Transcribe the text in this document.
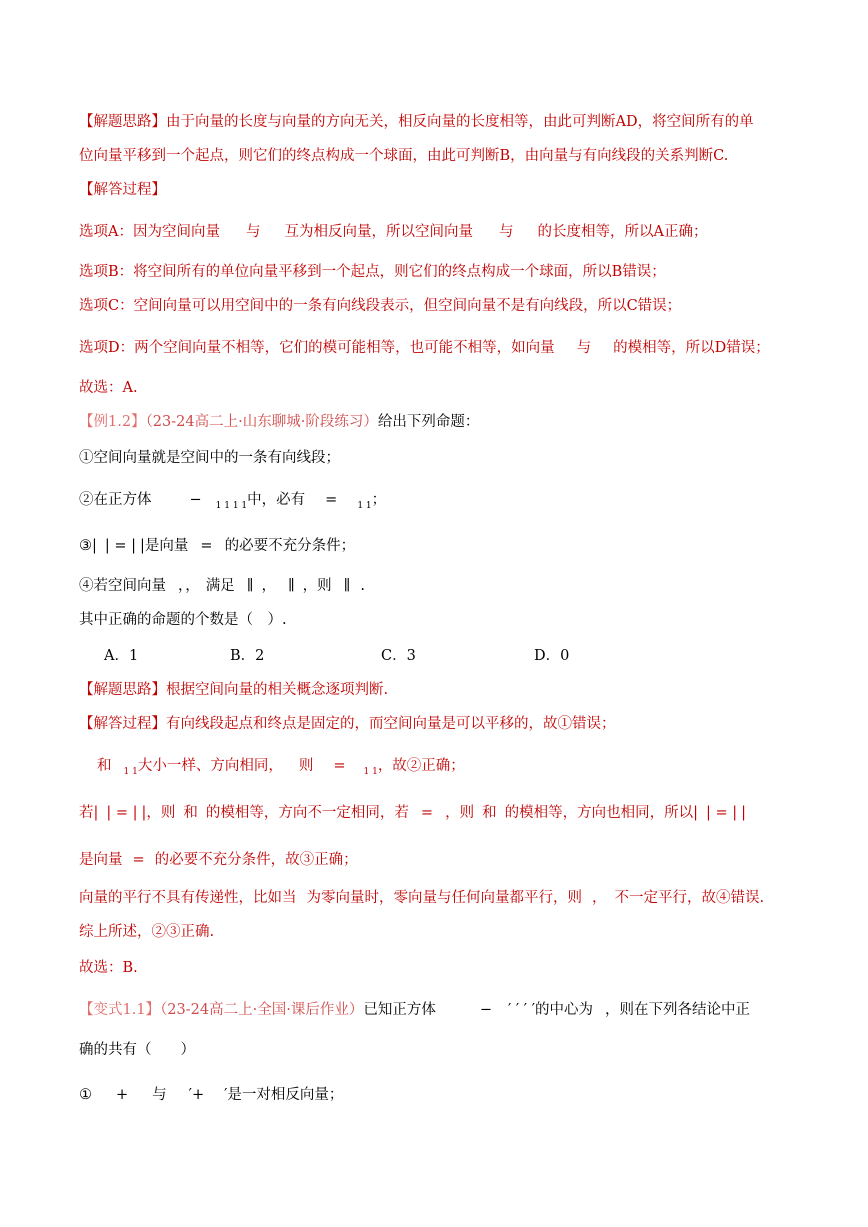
【解题思路】由于向量的长度与向量的方向无关，相反向量的长度相等，由此可判断AD，将空间所有的单
位向量平移到一个起点，则它们的终点构成一个球面，由此可判断B，由向量与有向线段的关系判断C.
【解答过程】
选项A：因为空间向量 与 互为相反向量，所以空间向量 与 的长度相等，所以A正确；
选项B：将空间所有的单位向量平移到一个起点，则它们的终点构成一个球面，所以B错误；
选项C：空间向量可以用空间中的一条有向线段表示，但空间向量不是有向线段，所以C错误；
选项D：两个空间向量不相等，它们的模可能相等，也可能不相等，如向量 与 的模相等，所以D错误；
故选：A.
【例1.2】（23-24高二上·山东聊城·阶段练习）给出下列命题：
①空间向量就是空间中的一条有向线段；
②在正方体	− $_{1 1 1 1}$中，必有 = $_{1 1}$；
③| | = | |是向量 = 的必要不充分条件；
④若空间向量 ，， 满足 ∥ ， ∥ ，则 ∥ .
其中正确的命题的个数是（　）.
A．1	B．2	C．3	D．0
【解题思路】根据空间向量的相关概念逐项判断.
【解答过程】有向线段起点和终点是固定的，而空间向量是可以平移的，故①错误；
和 $_{1 1}$大小一样、方向相同， 则 = $_{1 1}$，故②正确；
若| | = | |，则 和 的模相等，方向不一定相同，若 = ，则 和 的模相等，方向也相同，所以| | = | |
是向量 = 的必要不充分条件，故③正确；
向量的平行不具有传递性，比如当 为零向量时，零向量与任何向量都平行，则 ， 不一定平行，故④错误.
综上所述，②③正确.
故选：B.
【变式1.1】（23-24高二上·全国·课后作业）已知正方体	− ′ ′ ′ ′的中心为 ，则在下列各结论中正
确的共有（　　）
① + 与 ′+ ′是一对相反向量；
